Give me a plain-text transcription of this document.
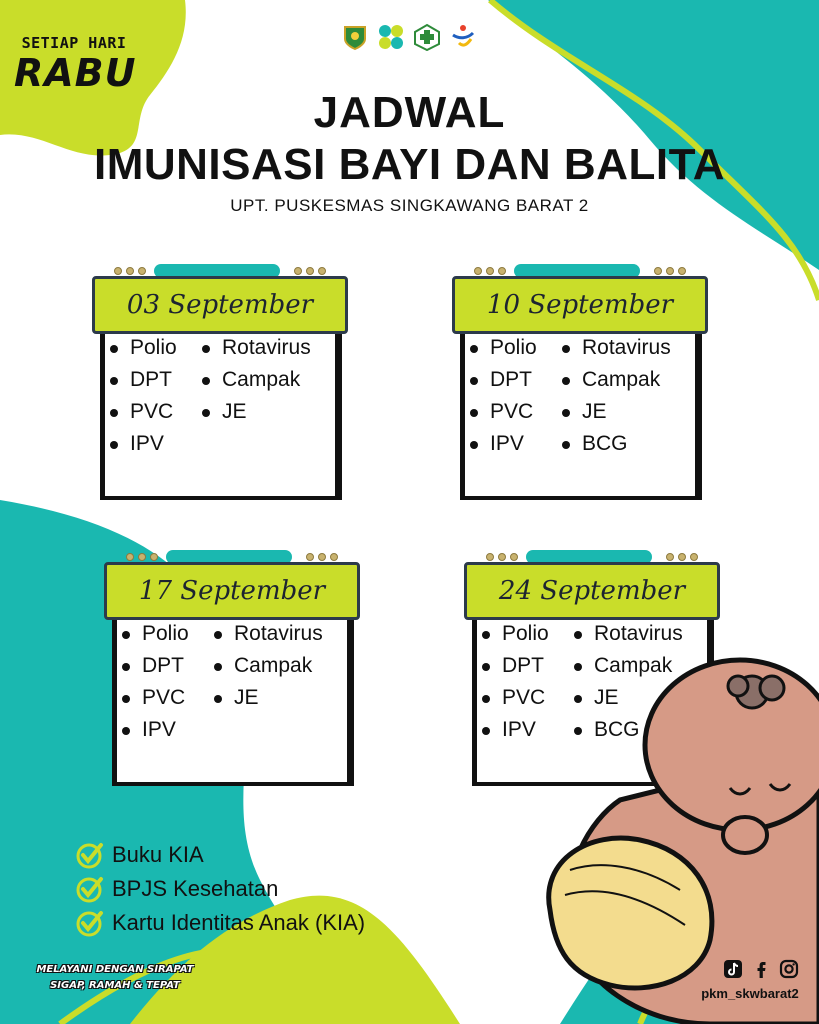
SETIAP HARI
RABU
JADWAL
IMUNISASI BAYI DAN BALITA
UPT. PUSKESMAS SINGKAWANG BARAT 2
03 September
Polio
DPT
PVC
IPV
Rotavirus
Campak
JE
10 September
Polio
DPT
PVC
IPV
Rotavirus
Campak
JE
BCG
17 September
Polio
DPT
PVC
IPV
Rotavirus
Campak
JE
24 September
Polio
DPT
PVC
IPV
Rotavirus
Campak
JE
BCG
Buku KIA
BPJS Kesehatan
Kartu Identitas Anak (KIA)
MELAYANI DENGAN SIRAPAT
SIGAP, RAMAH & TEPAT
pkm_skwbarat2
